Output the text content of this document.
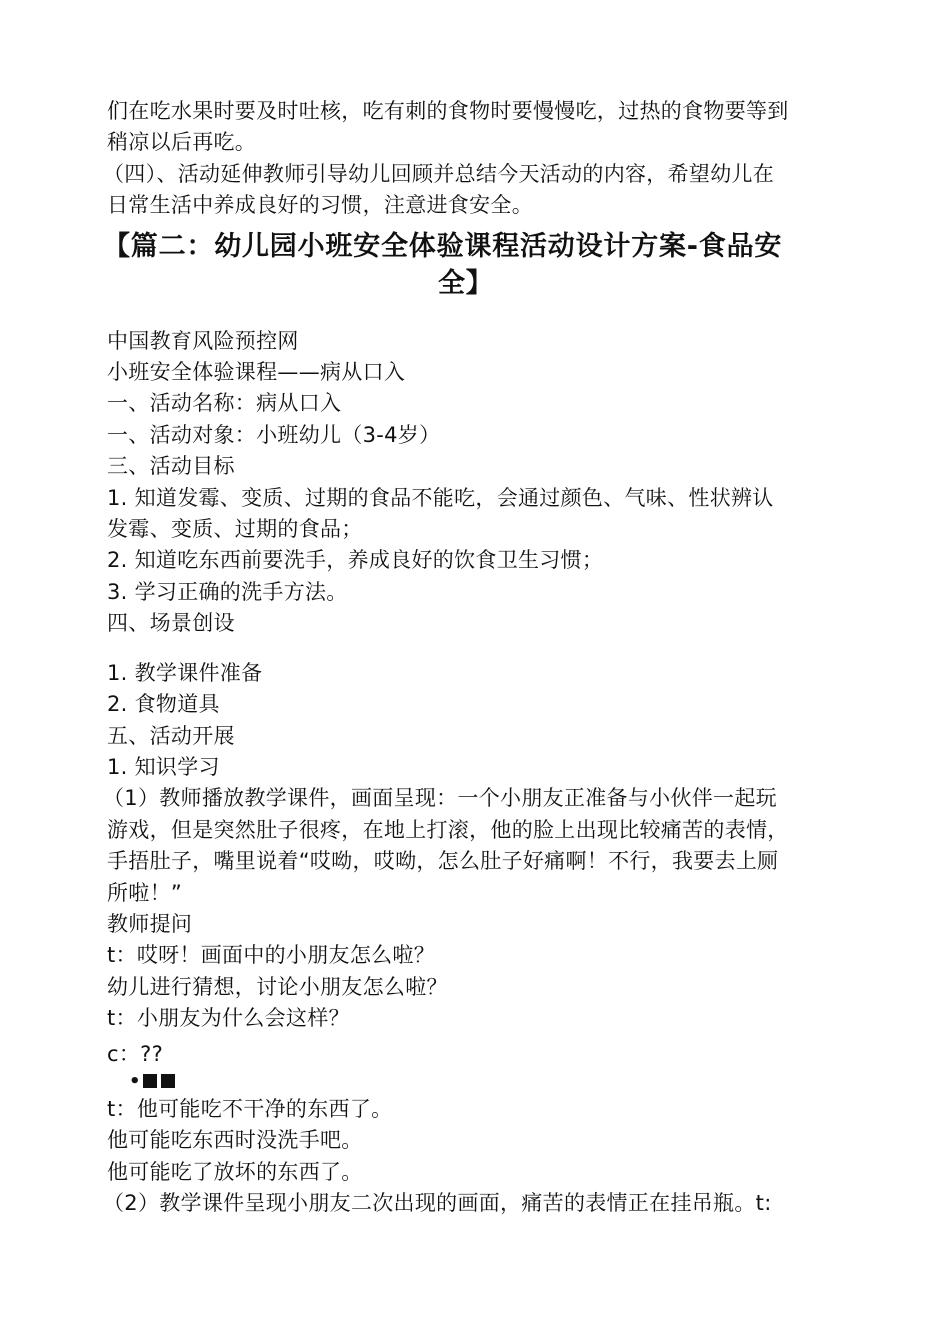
们在吃水果时要及时吐核，吃有刺的食物时要慢慢吃，过热的食物要等到
稍凉以后再吃。
（四）、活动延伸教师引导幼儿回顾并总结今天活动的内容，希望幼儿在
日常生活中养成良好的习惯，注意进食安全。
【篇二：幼儿园小班安全体验课程活动设计方案-食品安
全】
中国教育风险预控网
小班安全体验课程——病从口入
一、活动名称：病从口入
一、活动对象：小班幼儿（3-4岁）
三、活动目标
1. 知道发霉、变质、过期的食品不能吃，会通过颜色、气味、性状辨认
发霉、变质、过期的食品；
2. 知道吃东西前要洗手，养成良好的饮食卫生习惯；
3. 学习正确的洗手方法。
四、场景创设
1. 教学课件准备
2. 食物道具
五、活动开展
1. 知识学习
（1）教师播放教学课件，画面呈现：一个小朋友正准备与小伙伴一起玩
游戏，但是突然肚子很疼，在地上打滚，他的脸上出现比较痛苦的表情，
手捂肚子，嘴里说着“哎呦，哎呦，怎么肚子好痛啊！不行，我要去上厕
所啦！”
教师提问
t：哎呀！画面中的小朋友怎么啦？
幼儿进行猜想，讨论小朋友怎么啦？
t：小朋友为什么会这样？
c：??
•
t：他可能吃不干净的东西了。
他可能吃东西时没洗手吧。
他可能吃了放坏的东西了。
（2）教学课件呈现小朋友二次出现的画面，痛苦的表情正在挂吊瓶。t:
